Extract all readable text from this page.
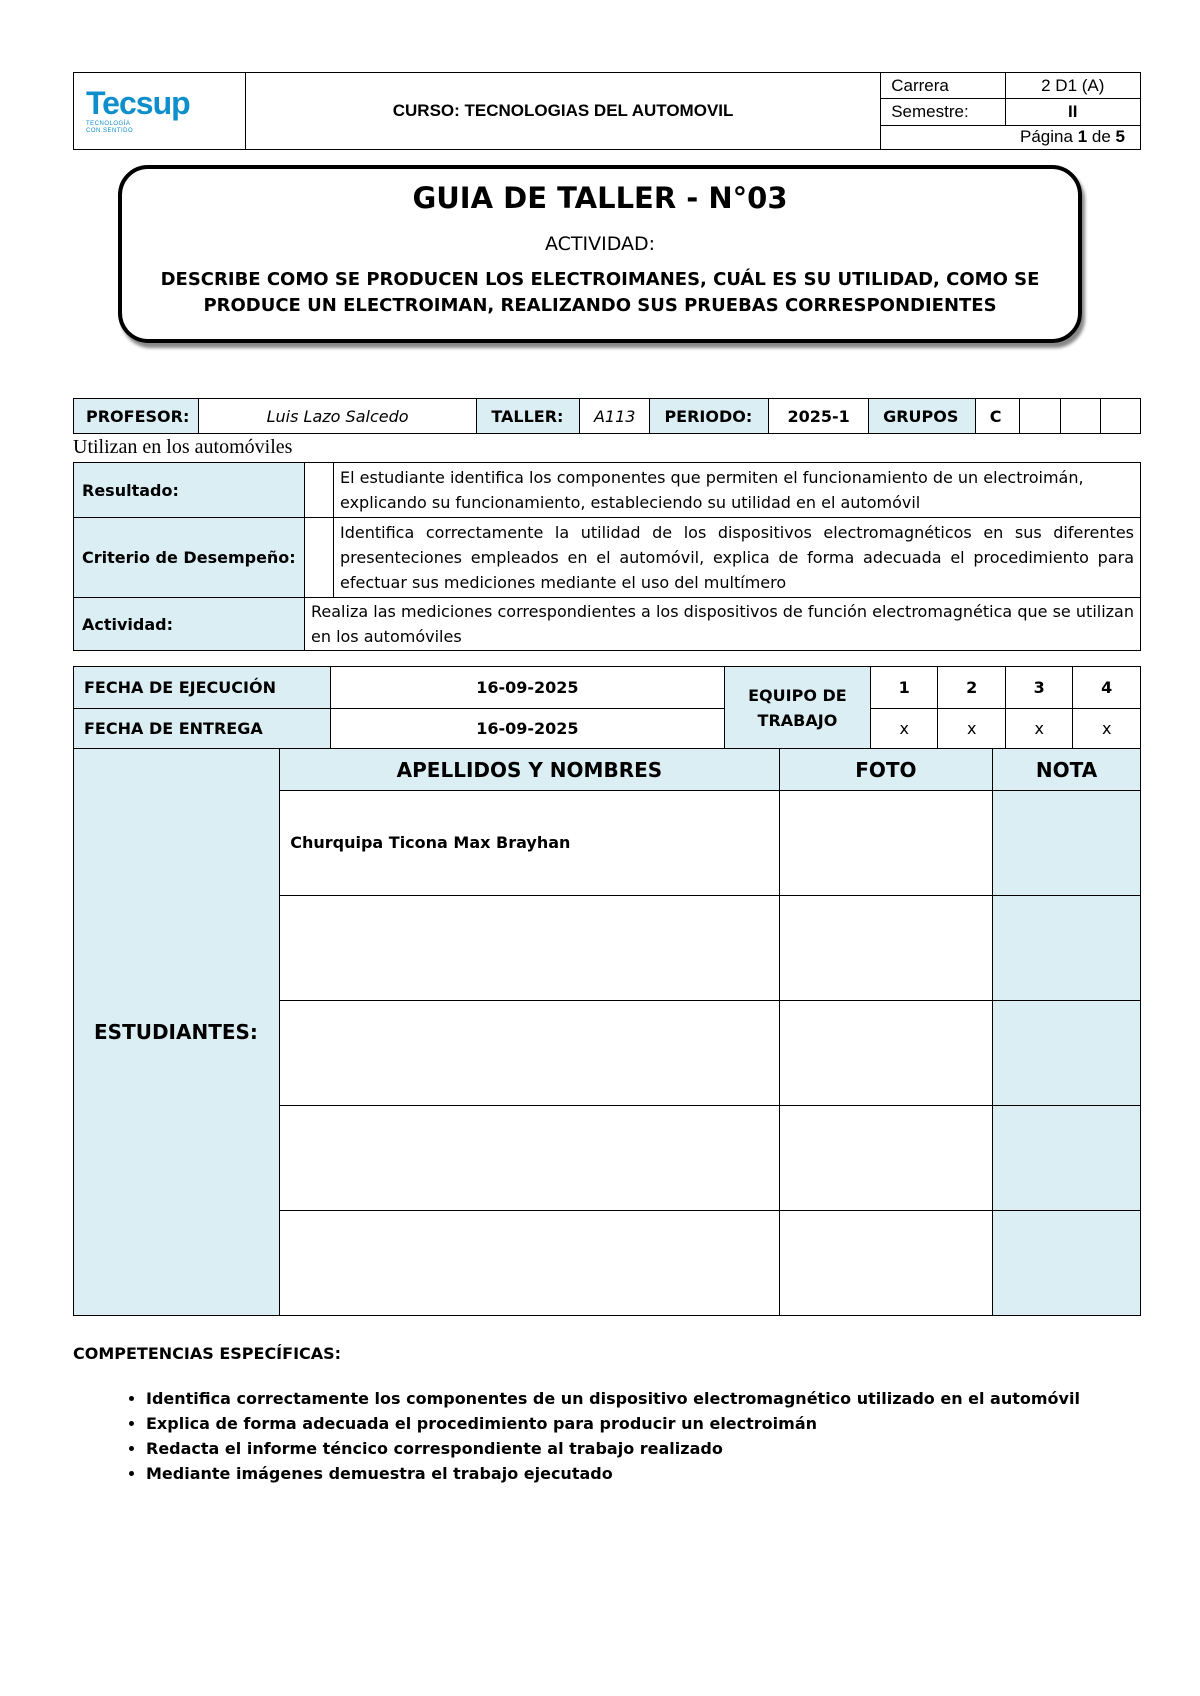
Tecsup
TECNOLOGÍA
CON SENTIDO	CURSO: TECNOLOGIAS DEL AUTOMOVIL	Carrera	2 D1 (A)
		Semestre:	II
			Página 1 de 5
GUIA DE TALLER - N°03
ACTIVIDAD:
DESCRIBE COMO SE PRODUCEN LOS ELECTROIMANES, CUÁL ES SU UTILIDAD, COMO SE
PRODUCE UN ELECTROIMAN, REALIZANDO SUS PRUEBAS CORRESPONDIENTES
PROFESOR:	Luis Lazo Salcedo	TALLER:	A113	PERIODO:	2025-1	GRUPOS	C			
Utilizan en los automóviles
Resultado:		El estudiante identifica los componentes que permiten el funcionamiento de un electroimán, explicando su funcionamiento, estableciendo su utilidad en el automóvil
Criterio de Desempeño:		Identifica correctamente la utilidad de los dispositivos electromagnéticos en sus diferentes presenteciones empleados en el automóvil, explica de forma adecuada el procedimiento para efectuar sus mediciones mediante el uso del multímero
Actividad:	Realiza las mediciones correspondientes a los dispositivos de función electromagnética que se utilizan en los automóviles	
FECHA DE EJECUCIÓN	16-09-2025	EQUIPO DE TRABAJO	1	2	3	4
FECHA DE ENTREGA	16-09-2025		x	x	x	x
ESTUDIANTES:	APELLIDOS Y NOMBRES	FOTO	NOTA
	Churquipa Ticona Max Brayhan		

COMPETENCIAS ESPECÍFICAS:
• Identifica correctamente los componentes de un dispositivo electromagnético utilizado en el automóvil
• Explica de forma adecuada el procedimiento para producir un electroimán
• Redacta el informe téncico correspondiente al trabajo realizado
• Mediante imágenes demuestra el trabajo ejecutado
